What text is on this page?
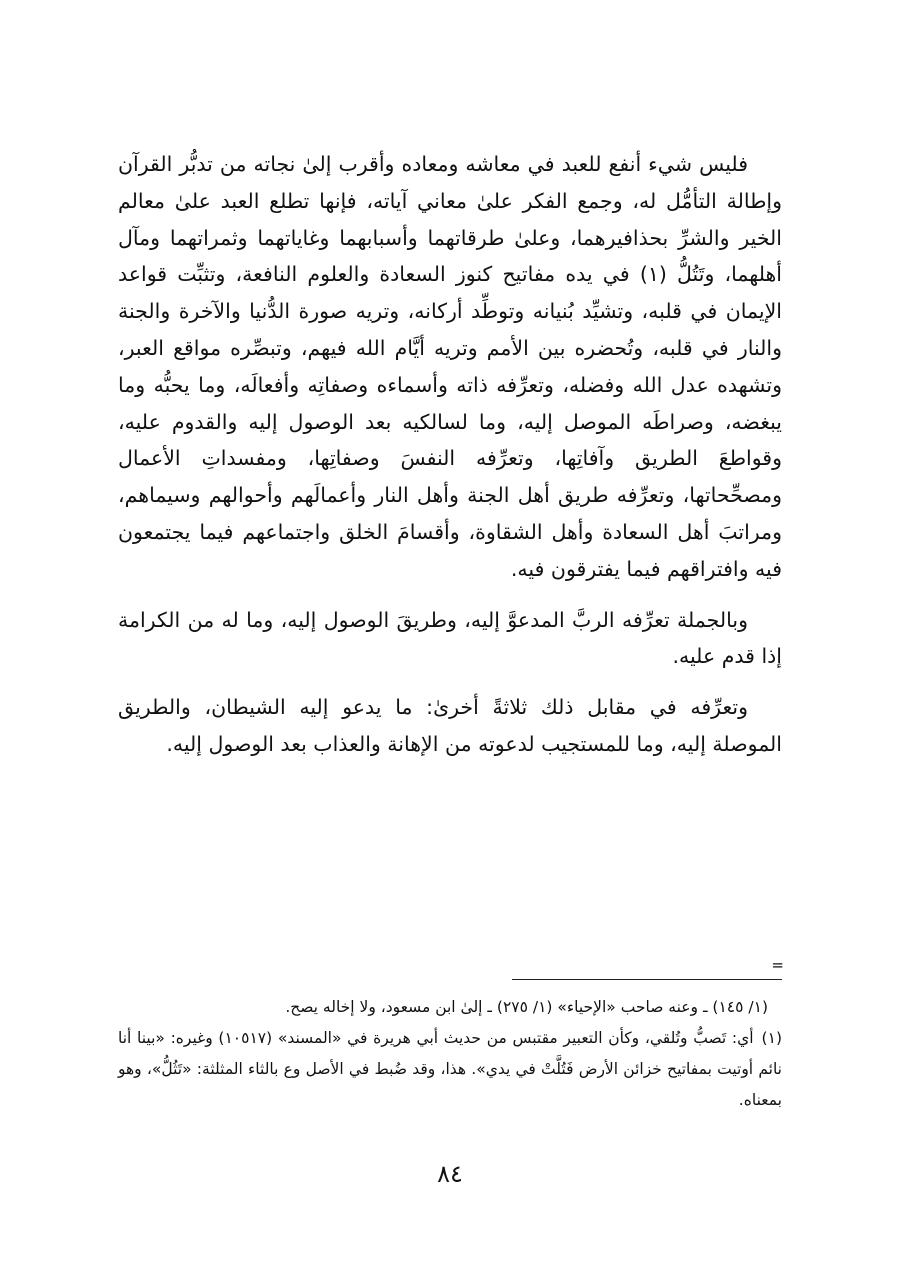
فليس شيء أنفع للعبد في معاشه ومعاده وأقرب إلىٰ نجاته من تدبُّر القرآن وإطالة التأمُّل له، وجمع الفكر علىٰ معاني آياته، فإنها تطلع العبد علىٰ معالم الخير والشرِّ بحذافيرهما، وعلىٰ طرقاتهما وأسبابهما وغاياتهما وثمراتهما ومآل أهلهما، وتَتُلُّ (١) في يده مفاتيح كنوز السعادة والعلوم النافعة، وتثبِّت قواعد الإيمان في قلبه، وتشيِّد بُنيانه وتوطِّد أركانه، وتريه صورة الدُّنيا والآخرة والجنة والنار في قلبه، وتُحضره بين الأمم وتريه أيَّام الله فيهم، وتبصِّره مواقع العبر، وتشهده عدل الله وفضله، وتعرِّفه ذاته وأسماءه وصفاتِه وأفعالَه، وما يحبُّه وما يبغضه، وصراطَه الموصل إليه، وما لسالكيه بعد الوصول إليه والقدوم عليه، وقواطعَ الطريق وآفاتِها، وتعرِّفه النفسَ وصفاتِها، ومفسداتِ الأعمال ومصحِّحاتها، وتعرِّفه طريق أهل الجنة وأهل النار وأعمالَهم وأحوالهم وسيماهم، ومراتبَ أهل السعادة وأهل الشقاوة، وأقسامَ الخلق واجتماعهم فيما يجتمعون فيه وافتراقهم فيما يفترقون فيه.

وبالجملة تعرِّفه الربَّ المدعوَّ إليه، وطريقَ الوصول إليه، وما له من الكرامة إذا قدم عليه.

وتعرِّفه في مقابل ذلك ثلاثةً أخرىٰ: ما يدعو إليه الشيطان، والطريق الموصلة إليه، وما للمستجيب لدعوته من الإهانة والعذاب بعد الوصول إليه.

=

(١/ ١٤٥) ـ وعنه صاحب «الإحياء» (١/ ٢٧٥) ـ إلىٰ ابن مسعود، ولا إخاله يصح.

(١)أي: تَصبُّ وتُلقي، وكأن التعبير مقتبس من حديث أبي هريرة في «المسند» (١٠٥١٧) وغيره: «بينا أنا نائم أوتيت بمفاتيح خزائن الأرض فَتُلَّتْ في يدي». هذا، وقد ضُبط في الأصل وع بالثاء المثلثة: «تَثُلُّ»، وهو بمعناه.

٨٤
